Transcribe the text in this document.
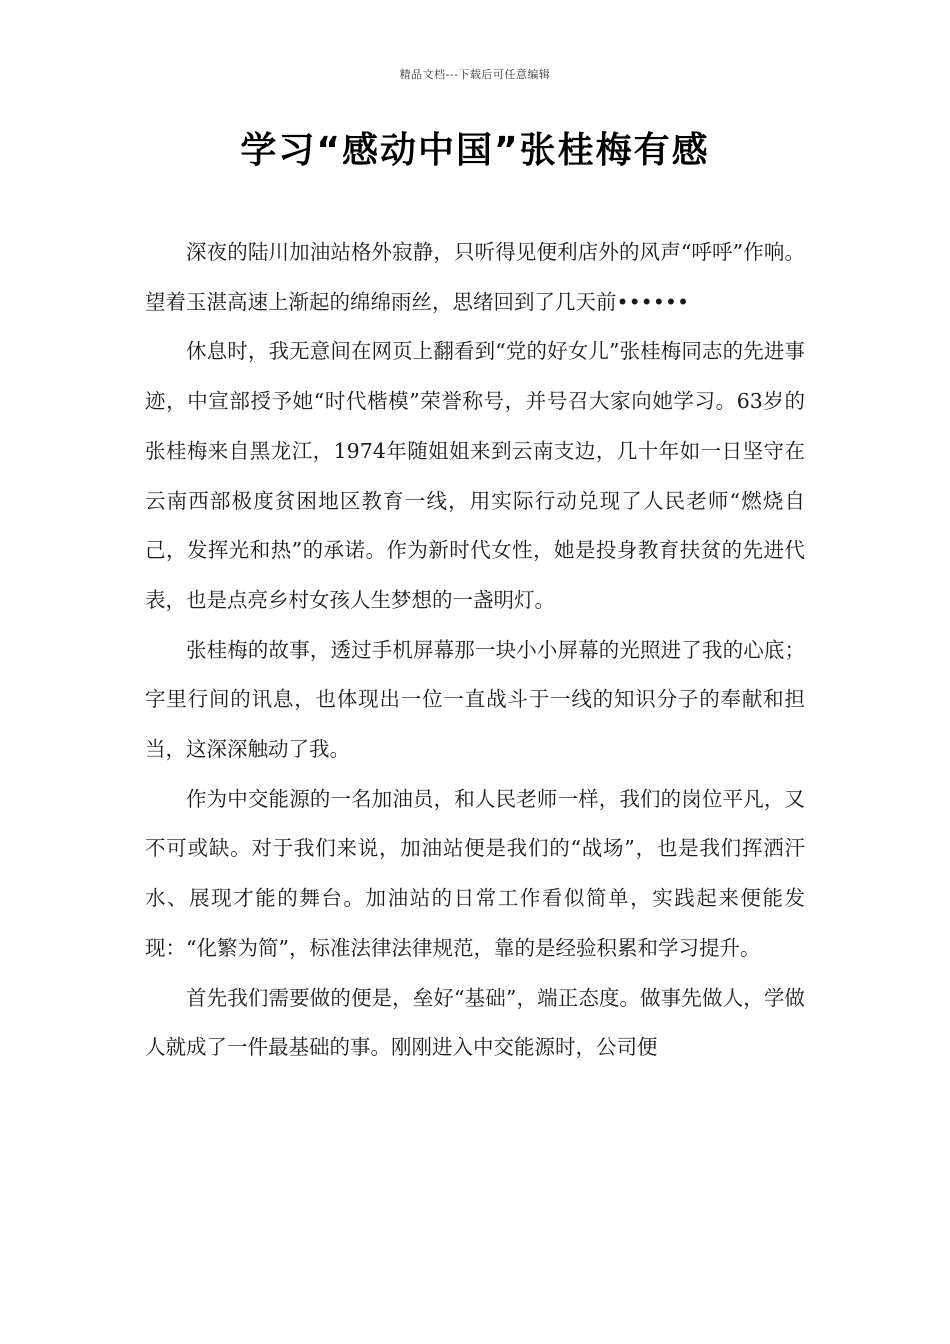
精品文档---下载后可任意编辑
学习“感动中国”张桂梅有感

深夜的陆川加油站格外寂静，只听得见便利店外的风声“呼呼”作响。望着玉湛高速上渐起的绵绵雨丝，思绪回到了几天前••••••

休息时，我无意间在网页上翻看到“党的好女儿”张桂梅同志的先进事迹，中宣部授予她“时代楷模”荣誉称号，并号召大家向她学习。63岁的张桂梅来自黑龙江，1974年随姐姐来到云南支边，几十年如一日坚守在云南西部极度贫困地区教育一线，用实际行动兑现了人民老师“燃烧自己，发挥光和热”的承诺。作为新时代女性，她是投身教育扶贫的先进代表，也是点亮乡村女孩人生梦想的一盏明灯。

张桂梅的故事，透过手机屏幕那一块小小屏幕的光照进了我的心底；字里行间的讯息，也体现出一位一直战斗于一线的知识分子的奉献和担当，这深深触动了我。

作为中交能源的一名加油员，和人民老师一样，我们的岗位平凡，又不可或缺。对于我们来说，加油站便是我们的“战场”，也是我们挥洒汗水、展现才能的舞台。加油站的日常工作看似简单，实践起来便能发现：“化繁为简”，标准法律法律规范，靠的是经验积累和学习提升。

首先我们需要做的便是，垒好“基础”，端正态度。做事先做人，学做人就成了一件最基础的事。刚刚进入中交能源时，公司便
